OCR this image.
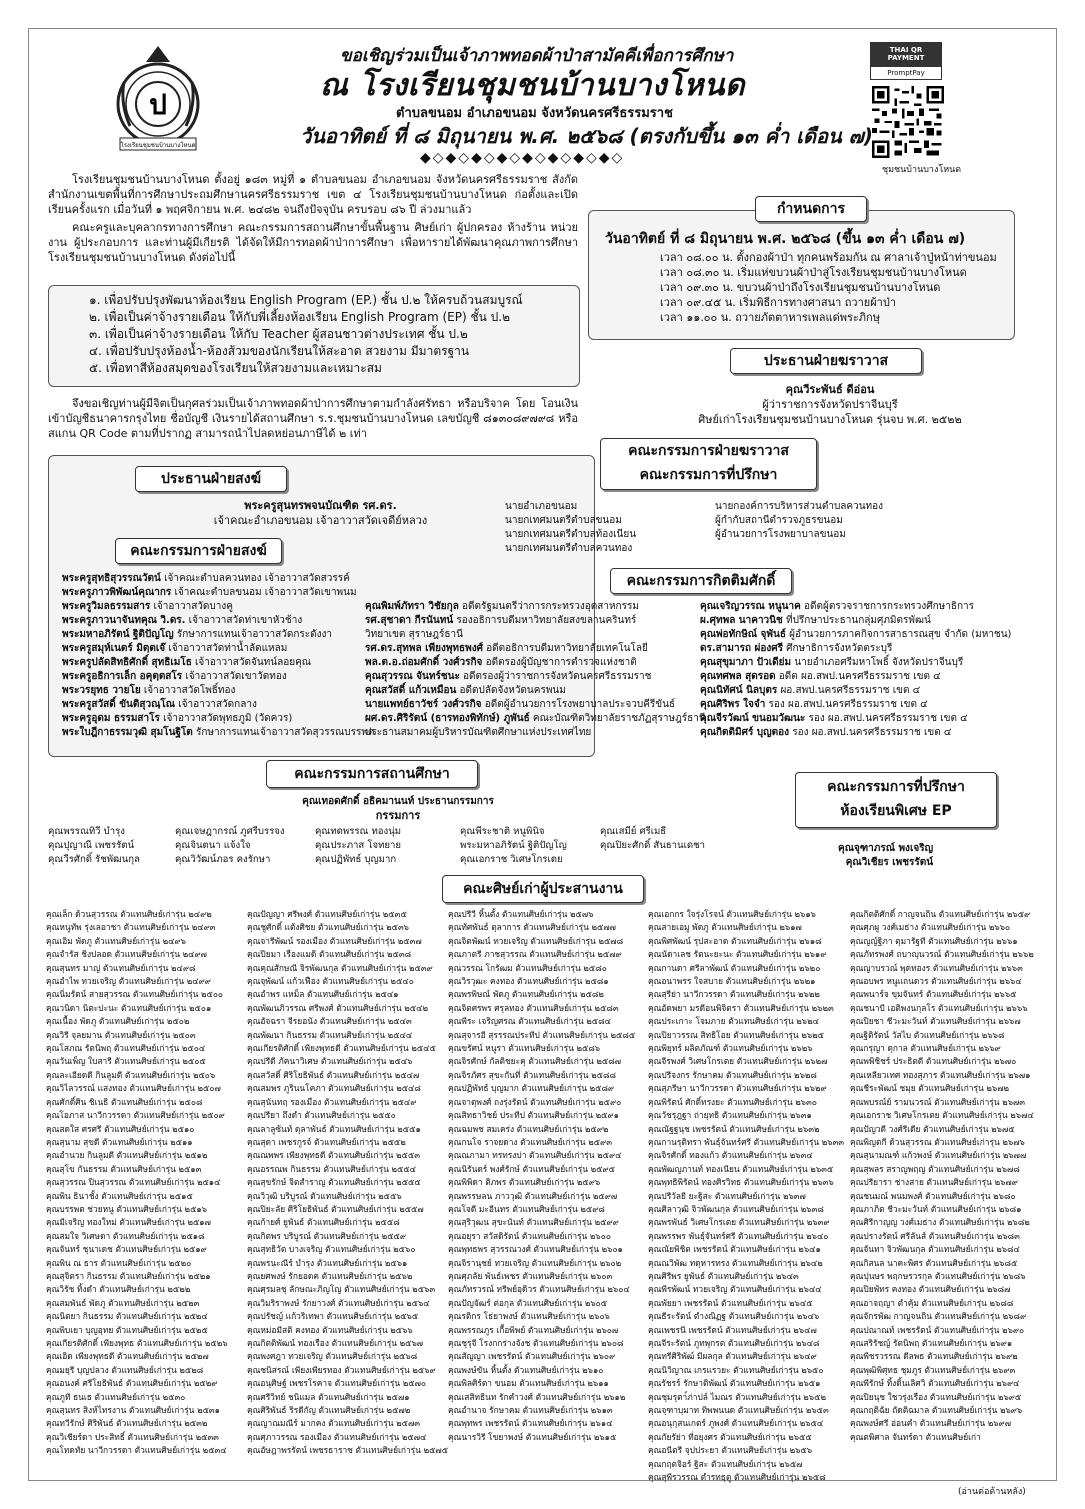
ป
โรงเรียนชุมชนบ้านบางโหนด
THAI QR PAYMENT
PromptPay
ชุมชนบ้านบางโหนด
ขอเชิญร่วมเป็นเจ้าภาพทอดผ้าป่าสามัคคีเพื่อการศึกษา
ณ โรงเรียนชุมชนบ้านบางโหนด
ตำบลขนอม อำเภอขนอม จังหวัดนครศรีธรรมราช
วันอาทิตย์ ที่ ๘ มิถุนายน พ.ศ. ๒๕๖๘ (ตรงกับขึ้น ๑๓ ค่ำ เดือน ๗)
◆◇◆◇◆◇◆◇◆◇◆◇◆◇◆◇
โรงเรียนชุมชนบ้านบางโหนด ตั้งอยู่ ๑๘๓ หมู่ที่ ๑ ตำบลขนอม อำเภอขนอม จังหวัดนครศรีธรรมราช สังกัดสำนักงานเขตพื้นที่การศึกษาประถมศึกษานครศรีธรรมราช เขต ๔ โรงเรียนชุมชนบ้านบางโหนด ก่อตั้งและเปิดเรียนครั้งแรก เมื่อวันที่ ๑ พฤศจิกายน พ.ศ. ๒๔๘๒ จนถึงปัจจุบัน ครบรอบ ๘๖ ปี ล่วงมาแล้ว
คณะครูและบุคลากรทางการศึกษา คณะกรรมการสถานศึกษาขั้นพื้นฐาน ศิษย์เก่า ผู้ปกครอง ห้างร้าน หน่วยงาน ผู้ประกอบการ และท่านผู้มีเกียรติ ได้จัดให้มีการทอดผ้าป่าการศึกษา เพื่อหารายได้พัฒนาคุณภาพการศึกษาโรงเรียนชุมชนบ้านบางโหนด ดังต่อไปนี้
๑. เพื่อปรับปรุงพัฒนาห้องเรียน English Program (EP.) ชั้น ป.๒ ให้ครบถ้วนสมบูรณ์
๒. เพื่อเป็นค่าจ้างรายเดือน ให้กับพี่เลี้ยงห้องเรียน English Program (EP) ชั้น ป.๒
๓. เพื่อเป็นค่าจ้างรายเดือน ให้กับ Teacher ผู้สอนชาวต่างประเทศ ชั้น ป.๒
๔. เพื่อปรับปรุงห้องน้ำ-ห้องส้วมของนักเรียนให้สะอาด สวยงาม มีมาตรฐาน
๕. เพื่อทาสีห้องสมุดของโรงเรียนให้สวยงามและเหมาะสม
จึงขอเชิญท่านผู้มีจิตเป็นกุศลร่วมเป็นเจ้าภาพทอดผ้าป่าการศึกษาตามกำลังศรัทธา หรือบริจาค โดย โอนเงินเข้าบัญชีธนาคารกรุงไทย ชื่อบัญชี เงินรายได้สถานศึกษา ร.ร.ชุมชนบ้านบางโหนด เลขบัญชี ๘๑๓๐๘๙๗๙๘ หรือสแกน QR Code ตามที่ปรากฏ สามารถนำไปลดหย่อนภาษีได้ ๒ เท่า
กำหนดการ
วันอาทิตย์ ที่ ๘ มิถุนายน พ.ศ. ๒๕๖๘ (ขึ้น ๑๓ ค่ำ เดือน ๗)
เวลา ๐๘.๐๐ น. ตั้งกองผ้าป่า ทุกคนพร้อมกัน ณ ศาลาเจ้าปู่หน้าท่าขนอม
เวลา ๐๘.๓๐ น. เริ่มแห่ขบวนผ้าป่าสู่โรงเรียนชุมชนบ้านบางโหนด
เวลา ๐๙.๓๐ น. ขบวนผ้าป่าถึงโรงเรียนชุมชนบ้านบางโหนด
เวลา ๐๙.๔๕ น. เริ่มพิธีการทางศาสนา ถวายผ้าป่า
เวลา ๑๑.๐๐ น. ถวายภัตตาหารเพลแด่พระภิกษุ
ประธานฝ่ายฆราวาส
คุณวีระพันธ์ ดีอ่อน
ผู้ว่าราชการจังหวัดปราจีนบุรี
ศิษย์เก่าโรงเรียนชุมชนบ้านบางโหนด รุ่นจบ พ.ศ. ๒๕๒๒
ประธานฝ่ายสงฆ์
พระครูสุนทรพจนบัณฑิต รศ.ดร.
เจ้าคณะอำเภอขนอม เจ้าอาวาสวัดเจดีย์หลวง
คณะกรรมการฝ่ายสงฆ์
พระครูสุทธิสุวรรณวัตน์ เจ้าคณะตำบลควนทอง เจ้าอาวาสวัดสวรรค์
พระครูภาวพิพัฒน์คุณากร เจ้าคณะตำบลขนอม เจ้าอาวาสวัดเขาพนม
พระครูวิมลธรรมสาร เจ้าอาวาสวัดบางคู
พระครูภาวนาจันทคุณ วิ.ดร. เจ้าอาวาสวัดท่าเขาหัวช้าง
พระมหาอภิรัตน์ ฐิติปัญโญ รักษาการแทนเจ้าอาวาสวัดกระดังงา
พระครูสมุห์เนตร์ มิตฺตเจ๊ เจ้าอาวาสวัดท่าน้ำลัดแหลม
พระครูปลัดสิทธิศักดิ์ สุทธิเมโธ เจ้าอาวาสวัดจันทน์ลอยคุณ
พระครูอธิการเล็ก อคุตฺตสโร เจ้าอาวาสวัดเขาวัดทอง
พระวรยุทธ วายโย เจ้าอาวาสวัดโพธิ์ทอง
พระครูสวัสดิ์ ขันติสุวณฺโณ เจ้าอาวาสวัดกลาง
พระครูอุดม ธรรมสาโร เจ้าอาวาสวัดพุทธภูมิ (วัดควร)
พระใบฎีกาธรรมวุฒิ สุมโนฐิโต รักษาการแทนเจ้าอาวาสวัดสุวรรณบรรพต
คณะกรรมการฝ่ายฆราวาส
คณะกรรมการที่ปรึกษา
นายอำเภอขนอม
นายกเทศมนตรีตำบลขนอม
นายกเทศมนตรีตำบลท้องเนียน
นายกเทศมนตรีตำบลควนทอง
นายกองค์การบริหารส่วนตำบลควนทอง
ผู้กำกับสถานีตำรวจภูธรขนอม
ผู้อำนวยการโรงพยาบาลขนอม
คณะกรรมการกิตติมศักดิ์
คุณพิมพ์ภัทรา วิชัยกุล อดีตรัฐมนตรีว่าการกระทรวงอุตสาหกรรม
รศ.สุชาดา กีรนันทน์ รองอธิการบดีมหาวิทยาลัยสงขลานครินทร์
วิทยาเขต สุราษฎร์ธานี
รศ.ดร.สุทพล เพียงพุทธพงศ์ อดีตอธิการบดีมหาวิทยาลัยเทคโนโลยี
พล.ต.อ.ถ่อมศักดิ์ วงศ์วรกิจ อดีตรองผู้บัญชาการตำรวจแห่งชาติ
คุณสุวรรณ จันทร์ชนะ อดีตรองผู้ว่าราชการจังหวัดนครศรีธรรมราช
คุณสวัสดิ์ แก้วเหมือน อดีตปลัดจังหวัดนครพนม
นายแพทย์ธาวัชร์ วงศ์วรกิจ อดีตผู้อำนวยการโรงพยาบาลประจวบคีรีขันธ์
ผศ.ดร.ศิริรัตน์ (ธารทองพิทักษ์) ภูพันธ์ คณะบัณฑิตวิทยาลัยราชภัฏสุราษฎร์ธานี
ประธานสมาคมผู้บริหารบัณฑิตศึกษาแห่งประเทศไทย
คุณเจริญวรรณ หนูนาค อดีตผู้ตรวจราชการกระทรวงศึกษาธิการ
ผ.ศุทพล นาคาวนิช ที่ปรึกษาประธานกลุ่มศุภมิตรพัฒน์
คุณพ่อทักษิณ์ จุพันธ์ ผู้อำนวยการภาคกิจการสาธารณสุข จำกัด (มหาชน)
ดร.สามารถ ผ่องศรี ศึกษาธิการจังหวัดตระบุรี
คุณสุขุมาภา ปัวเดีย่ม นายอำเภอศรีมหาโพธิ์ จังหวัดปราจีนบุรี
คุณทศพล สุดรอด อดีต ผอ.สพป.นครศรีธรรมราช เขต ๔
คุณนิทัศน์ นิลบุตร ผอ.สพป.นครศรีธรรมราช เขต ๔
คุณศิริพร ใจจำ รอง ผอ.สพป.นครศรีธรรมราช เขต ๔
คุณจีรวัฒน์ ขนอมวัฒนะ รอง ผอ.สพป.นครศรีธรรมราช เขต ๔
คุณกิตติมิศร์ บุญตอง รอง ผอ.สพป.นครศรีธรรมราช เขต ๔
คณะกรรมการสถานศึกษา
คุณเทอดศักดิ์ อธิคมานนท์ ประธานกรรมการ
กรรมการ
คุณพรรณทิวี บำรุง
คุณปุญาณี เพชรรัตน์
คุณวีรศักดิ์ รัชพัฒนกุล
คุณเจษฎากรณ์ ภูศรีบรรจง
คุณจินตนา แจ้งใจ
คุณวิวัฒน์ภอร คงรักษา
คุณทดพรรณ ทองนุ่ม
คุณประภาส โจทยาย
คุณปฏิพัทธ์ บุญมาก
คุณพีระชาติ หนูพินิจ
พระมหาอภิรัตน์ ฐิติปัญโญ
คุณเอกราช วิเศษโกรเตย
คุณเสมีย์ ศรีเมธี
คุณปิยะศักดิ์ สันธานเดชา
คณะกรรมการที่ปรึกษา
ห้องเรียนพิเศษ EP
คุณจุฑาภรณ์ พงเจริญ
คุณวิเชียร เพชรรัตน์
คณะศิษย์เก่าผู้ประสานงาน
คุณเล็ก ด้วนสุวรรณ ตัวแทนศิษย์เก่ารุ่น ๒๔๙๒
คุณหนูทัพ รุ่งเลอาชา ตัวแทนศิษย์เก่ารุ่น ๒๔๙๓
คุณเอิม พัดภู ตัวแทนศิษย์เก่ารุ่น ๒๔๙๖
คุณจำรัส ชิงปลอด ตัวแทนศิษย์เก่ารุ่น ๒๔๙๗
คุณสุนทร มาญ่ ตัวแทนศิษย์เก่ารุ่น ๒๔๙๘
คุณอำไพ ทวยเจริญ ตัวแทนศิษย์เก่ารุ่น ๒๔๙๙
คุณนิ่มรัตน์ สายสุวรรณ ตัวแทนศิษย์เก่ารุ่น ๒๕๐๐
คุณวนิดา นิตะปะนะ ตัวแทนศิษย์เก่ารุ่น ๒๕๐๑
คุณเนื้อง พัดภู ตัวแทนศิษย์เก่ารุ่น ๒๕๐๒
คุณวิรี จุลยมาน ตัวแทนศิษย์เก่ารุ่น ๒๕๐๓
คุณโสภณ รัตนิพฤ ตัวแทนศิษย์เก่ารุ่น ๒๕๐๔
คุณวันเพ็ญ ใบสารี ตัวแทนศิษย์เก่ารุ่น ๒๕๐๕
คุณละเอียดดี กินลูมดี ตัวแทนศิษย์เก่ารุ่น ๒๕๐๖
คุณวิไลวรรณ์ แสงทอง ตัวแทนศิษย์เก่ารุ่น ๒๕๐๗
คุณศักดิ์ศิน ชิเนธิ ตัวแทนศิษย์เก่ารุ่น ๒๕๐๘
คุณโอภาส นาวีกวรรดา ตัวแทนศิษย์เก่ารุ่น ๒๕๐๙
คุณสดใส ศรศรี ตัวแทนศิษย์เก่ารุ่น ๒๕๑๐
คุณสุนาม สุขดี ตัวแทนศิษย์เก่ารุ่น ๒๕๑๑
คุณอำนวย กินลูมดี ตัวแทนศิษย์เก่ารุ่น ๒๕๑๒
คุณสุโข กันธรรม ตัวแทนศิษย์เก่ารุ่น ๒๕๑๓
คุณสุวรรณ ปินสุวรรณ ตัวแทนศิษย์เก่ารุ่น ๒๕๑๔
คุณพิน ธินาชั้ง ตัวแทนศิษย์เก่ารุ่น ๒๕๑๕
คุณบรรพต ช่วยหนู ตัวแทนศิษย์เก่ารุ่น ๒๕๑๖
คุณมีเจริญ ทองใหม่ ตัวแทนศิษย์เก่ารุ่น ๒๕๑๗
คุณสมใจ วิเศษดา ตัวแทนศิษย์เก่ารุ่น ๒๕๑๘
คุณจันทร์ ชุนาเดช ตัวแทนศิษย์เก่ารุ่น ๒๕๑๙
คุณพิน ณ ธาร ตัวแทนศิษย์เก่ารุ่น ๒๕๒๐
คุณสุจิตรา กินธรรม ตัวแทนศิษย์เก่ารุ่น ๒๕๒๑
คุณวิรัช ทิ้งดำ ตัวแทนศิษย์เก่ารุ่น ๒๕๒๒
คุณสมพันธ์ พัดภู ตัวแทนศิษย์เก่ารุ่น ๒๕๒๓
คุณนิตยา กินธรรม ตัวแทนศิษย์เก่ารุ่น ๒๕๒๔
คุณพิบเยา บุญอุทย ตัวแทนศิษย์เก่ารุ่น ๒๕๒๕
คุณเกียรติศักดิ์ เพียงพุทธ ตัวแทนศิษย์เก่ารุ่น ๒๕๒๖
คุณเอิด เพียงพุทธดี ตัวแทนศิษย์เก่ารุ่น ๒๕๒๗
คุณมยุรี บุญปลวง ตัวแทนศิษย์เก่ารุ่น ๒๕๒๘
คุณอนงค์ ศรีโยธิพันธ์ ตัวแทนศิษย์เก่ารุ่น ๒๕๒๙
คุณภูที ธนเธ ตัวแทนศิษย์เก่ารุ่น ๒๕๓๐
คุณสุนทร สิงห์ไทรงาน ตัวแทนศิษย์เก่ารุ่น ๒๕๓๑
คุณทวีรักษ์ ศิริพันธ์ ตัวแทนศิษย์เก่ารุ่น ๒๕๓๒
คุณวิเชียร์ดา ประสิทธิ์ ตัวแทนศิษย์เก่ารุ่น ๒๕๓๓
คุณโทดทัย นาวีกวรรดา ตัวแทนศิษย์เก่ารุ่น ๒๕๓๔
คุณปัญญา ศรีพงศ์ ตัวแทนศิษย์เก่ารุ่น ๒๕๓๕
คุณชูศักดิ์ แต้งศิชย ตัวแทนศิษย์เก่ารุ่น ๒๕๓๖
คุณจารีพัฒน์ รองเมือง ตัวแทนศิษย์เก่ารุ่น ๒๕๓๗
คุณปิยมา เรืองแมดิ ตัวแทนศิษย์เก่ารุ่น ๒๕๓๘
คุณคุณสักษณี จิรพัฒนกุล ตัวแทนศิษย์เก่ารุ่น ๒๕๓๙
คุณจุพัฒน์ แก้วเฟือง ตัวแทนศิษย์เก่ารุ่น ๒๕๔๐
คุณอำพร แหม็ล ตัวแทนศิษย์เก่ารุ่น ๒๕๔๑
คุณพัฒนภิวรรณ ศรีพงศ์ ตัวแทนศิษย์เก่ารุ่น ๒๕๔๒
คุณอัจฉรา จีรยอนัง ตัวแทนศิษย์เก่ารุ่น ๒๕๔๓
คุณพัฒนา กินธรรม ตัวแทนศิษย์เก่ารุ่น ๒๕๔๔
คุณเกียรติศักดิ์ เพียงพุทธดี ตัวแทนศิษย์เก่ารุ่น ๒๕๔๕
คุณปรีดี ภัคนาวิเศษ ตัวแทนศิษย์เก่ารุ่น ๒๕๔๖
คุณสวัสดิ์ ศิริโยธิพันธ์ ตัวแทนศิษย์เก่ารุ่น ๒๕๔๗
คุณสมพร ภูรินนโคภา ตัวแทนศิษย์เก่ารุ่น ๒๕๔๘
คุณสุนันทฤ รองเมือง ตัวแทนศิษย์เก่ารุ่น ๒๕๔๙
คุณปรียา ถึงดำ ตัวแทนศิษย์เก่ารุ่น ๒๕๕๐
คุณลาลูซ้นท์ ดุลาพันธ์ ตัวแทนศิษย์เก่ารุ่น ๒๕๕๑
คุณสุดา เพชรกูรจ์ ตัวแทนศิษย์เก่ารุ่น ๒๕๕๒
คุณณพพร เพียงพุทธดี ตัวแทนศิษย์เก่ารุ่น ๒๕๕๓
คุณอรรณพ กินธรรม ตัวแทนศิษย์เก่ารุ่น ๒๕๕๔
คุณสุขรักษ์ จิตสำราญ ตัวแทนศิษย์เก่ารุ่น ๒๕๕๕
คุณวิวุฒิ บริบูรณ์ ตัวแทนศิษย์เก่ารุ่น ๒๕๕๖
คุณปิยะลัย ศิริโยธิพันธ์ ตัวแทนศิษย์เก่ารุ่น ๒๕๕๗
คุณก้ายศ์ ยูพันธ์ ตัวแทนศิษย์เก่ารุ่น ๒๕๕๘
คุณกิตพร บริบูรณ์ ตัวแทนศิษย์เก่ารุ่น ๒๕๕๙
คุณสุทธิวัต บางเจริญ ตัวแทนศิษย์เก่ารุ่น ๒๕๖๐
คุณพรนะณีร์ บำรุง ตัวแทนศิษย์เก่ารุ่น ๒๕๖๑
คุณยศพงษ์ รักยอดค ตัวแทนศิษย์เก่ารุ่น ๒๕๖๒
คุณศุรมลชุ ลักษณะภิญโญ ตัวแทนศิษย์เก่ารุ่น ๒๕๖๓
คุณวิมริราพงษ์ รักยาวงศ์ ตัวแทนศิษย์เก่ารุ่น ๒๕๖๔
คุณปรัชญ์ แก้วริเทพา ตัวแทนศิษย์เก่ารุ่น ๒๕๖๕
คุณหม่อมีสติ คงทอง ตัวแทนศิษย์เก่ารุ่น ๒๕๖๖
คุณกิตติพัฒน์ ทองเรือง ตัวแทนศิษย์เก่ารุ่น ๒๕๖๗
คุณพงศฎา ทวยเจริญ ตัวแทนศิษย์เก่ารุ่น ๒๕๖๘
คุณชนิสรณ์ เพียงเพียรทอง ตัวแทนศิษย์เก่ารุ่น ๒๕๖๙
คุณอนุศิษฐ์ เพชรโรคาจ ตัวแทนศิษย์เก่ารุ่น ๒๕๗๐
คุณศรีวิทย์ ชนิแมล ตัวแทนศิษย์เก่ารุ่น ๒๕๗๑
คุณศิริพันธ์ ริรดีกัญ ตัวแทนศิษย์เก่ารุ่น ๒๕๗๒
คุณญาณมณีร์ มากคง ตัวแทนศิษย์เก่ารุ่น ๒๕๗๓
คุณศุภาวรรณ รองเมือง ตัวแทนศิษย์เก่ารุ่น ๒๕๗๔
คุณอัษฎาพรรัตน์ เพชรธาราช ตัวแทนศิษย์เก่ารุ่น ๒๕๗๕
คุณปรีวี หิ้นตั้ง ตัวแทนศิษย์เก่ารุ่น ๒๕๗๖
คุณทัศพันธ์ ตุลาการ ตัวแทนศิษย์เก่ารุ่น ๒๕๗๗
คุณจิตพัฒน์ ทวยเจริญ ตัวแทนศิษย์เก่ารุ่น ๒๕๗๘
คุณภาตรี ภาชสุวรรณ ตัวแทนศิษย์เก่ารุ่น ๒๕๗๙
คุณวรรณ โกรัฒม ตัวแทนศิษย์เก่ารุ่น ๒๕๘๐
คุณวิรวุฒะ คงทอง ตัวแทนศิษย์เก่ารุ่น ๒๕๘๑
คุณพรพิษณ์ พัดภู ตัวแทนศิษย์เก่ารุ่น ๒๕๘๒
คุณจิตศรพร ศรุลทอง ตัวแทนศิษย์เก่ารุ่น ๒๕๘๓
คุณพีระ เจริญศรณ ตัวแทนศิษย์เก่ารุ่น ๒๕๘๔
คุณสุจารอี สุรรรณประทีป ตัวแทนศิษย์เก่ารุ่น ๒๕๘๕
คุณขรัศน์ หนูรา ตัวแทนศิษย์เก่ารุ่น ๒๕๘๖
คุณจิรศักษ์ กัลติชยะคุ ตัวแทนศิษย์เก่ารุ่น ๒๕๘๗
คุณจิรภัศร สุขะกันที่ ตัวแทนศิษย์เก่ารุ่น ๒๕๘๘
คุณปฏิพัทธ์ บุญมาก ตัวแทนศิษย์เก่ารุ่น ๒๕๘๙
คุณจาตุพงศ์ ถงรุ่งรัตน์ ตัวแทนศิษย์เก่ารุ่น ๒๕๙๐
คุณสิทธาวิชย์ ประทีป ตัวแทนศิษย์เก่ารุ่น ๒๕๙๑
คุณฉมพช สมเคร่ง ตัวแทนศิษย์เก่ารุ่น ๒๕๙๒
คุณกนโจ ราจยดาง ตัวแทนศิษย์เก่ารุ่น ๒๕๙๓
คุณณภามา ทรทรงบ่า ตัวแทนศิษย์เก่ารุ่น ๒๕๙๔
คุณนิรันดร์ พงศ์รักษ์ ตัวแทนศิษย์เก่ารุ่น ๒๕๙๕
คุณพิพิดา ติภพร ตัวแทนศิษย์เก่ารุ่น ๒๕๙๖
คุณพรรษลน ภาววุฒิ ตัวแทนศิษย์เก่ารุ่น ๒๕๙๗
คุณโจดี มะอีนทร ตัวแทนศิษย์เก่ารุ่น ๒๕๙๘
คุณสุริวุฒน สุขะนันท์ ตัวแทนศิษย์เก่ารุ่น ๒๕๙๙
คุณอยุรา สวัสดิรัตน์ ตัวแทนศิษย์เก่ารุ่น ๒๖๐๐
คุณพุทธพร สุวรรณวงศ์ ตัวแทนศิษย์เก่ารุ่น ๒๖๐๑
คุณจิรานุชย์ ทวยเจริญ ตัวแทนศิษย์เก่ารุ่น ๒๖๐๒
คุณศุภลัย พันธ์เพชร ตัวแทนศิษย์เก่ารุ่น ๒๖๐๓
คุณภัทรวรณ์ ทรีพย์อุดิวร ตัวแทนศิษย์เก่ารุ่น ๒๖๐๔
คุณปัญจัฒร์ ต่อกุล ตัวแทนศิษย์เก่ารุ่น ๒๖๐๕
คุณรติกร โธ่ยาพงษ์ ตัวแทนศิษย์เก่ารุ่น ๒๖๐๖
คุณพรรณภูร เกื้อพิพย์ ตัวแทนศิษย์เก่ารุ่น ๒๖๐๗
คุณชุรุจี โรงกกร่างจังช ตัวแทนศิษย์เก่ารุ่น ๒๖๐๘
คุณสัญญา เพชรรัตน์ ตัวแทนศิษย์เก่ารุ่น ๒๖๐๙
คุณพงษ์ขัน หิ้นตั้ง ตัวแทนศิษย์เก่ารุ่น ๒๖๑๐
คุณพิลศิร์ตา ขนอม ตัวแทนศิษย์เก่ารุ่น ๒๖๑๑
คุณเสสิทธินท รักคำวงศ์ ตัวแทนศิษย์เก่ารุ่น ๒๖๑๒
คุณอำนาจ รักษาคม ตัวแทนศิษย์เก่ารุ่น ๒๖๑๓
คุณพุทพร เพชรรัตน์ ตัวแทนศิษย์เก่ารุ่น ๒๖๑๔
คุณนารวิรี โขยาพงษ์ ตัวแทนศิษย์เก่ารุ่น ๒๖๑๕
คุณเอกกร ใจรุ่งโรจน์ ตัวแทนศิษย์เก่ารุ่น ๒๖๑๖
คุณสายเอมู พัดภู ตัวแทนศิษย์เก่ารุ่น ๒๖๑๗
คุณพิศพัฒน์ รุปสะอาด ตัวแทนศิษย์เก่ารุ่น ๒๖๑๘
คุณนัดาเลช รัตนะยะนะ ตัวแทนศิษย์เก่ารุ่น ๒๖๑๙
คุณกานดา ศรีลาพัฒน์ ตัวแทนศิษย์เก่ารุ่น ๒๖๒๐
คุณอนาพรร ใจสบาย ตัวแทนศิษย์เก่ารุ่น ๒๖๒๑
คุณสุรีย่า นาวีกวรรดา ตัวแทนศิษย์เก่ารุ่น ๒๖๒๒
คุณอัดพยา มรดีอนพิจิตรา ตัวแทนศิษย์เก่ารุ่น ๒๖๒๓
คุณประเกาะ โจมภาย ตัวแทนศิษย์เก่ารุ่น ๒๖๒๔
คุณปิยาวรรณ สิทธิโอย ตัวแทนศิษย์เก่ารุ่น ๒๖๒๕
คุณพิยุทร์ ผลิตภัณฑ์ ตัวแทนศิษย์เก่ารุ่น ๒๖๒๖
คุณจีรพงศ์ วิเศษโกรเตย ตัวแทนศิษย์เก่ารุ่น ๒๖๒๗
คุณปรีจงกร รักษาคม ตัวแทนศิษย์เก่ารุ่น ๒๖๒๘
คุณสุภรีษา นาวีกวรรดา ตัวแทนศิษย์เก่ารุ่น ๒๖๒๙
คุณพิรัตน์ ศักดิ์ทรงยะ ตัวแทนศิษย์เก่ารุ่น ๒๖๓๐
คุณวัชรุฎฐา ถ่ายุทธิ ตัวแทนศิษย์เก่ารุ่น ๒๖๓๑
คุณณัฐฐนุช เพชรรัตน์ ตัวแทนศิษย์เก่ารุ่น ๒๖๓๒
คุณกานรุติทรา พันธุ์จันทร์ศรี ตัวแทนศิษย์เก่ารุ่น ๒๖๓๓
คุณจิรศักดิ์ ทองแก้ว ตัวแทนศิษย์เก่ารุ่น ๒๖๓๔
คุณพัฒญภานท์ ทองเนียน ตัวแทนศิษย์เก่ารุ่น ๒๖๓๕
คุณพุทธิพิรัตน์ ทองศิรวิทธ ตัวแทนศิษย์เก่ารุ่น ๒๖๓๖
คุณปรีวัลยี ยะฐิสะ ตัวแทนศิษย์เก่ารุ่น ๒๖๓๗
คุณศิลาวุฒิ จิวพัฒนกุล ตัวแทนศิษย์เก่ารุ่น ๒๖๓๘
คุณพรพันธ์ วิเศษโกรเตย ตัวแทนศิษย์เก่ารุ่น ๒๖๓๙
คุณพรรพร พันธุ์จันทร์ศรี ตัวแทนศิษย์เก่ารุ่น ๒๖๔๐
คุณณัยพิชิต เพชรรัตน์ ตัวแทนศิษย์เก่ารุ่น ๒๖๔๑
คุณณวิพัฒ ทดุหารทรง ตัวแทนศิษย์เก่ารุ่น ๒๖๔๒
คุณศิรีพร ยูพันธ์ ตัวแทนศิษย์เก่ารุ่น ๒๖๔๓
คุณพีรพัฒน์ ทวยเจริญ ตัวแทนศิษย์เก่ารุ่น ๒๖๔๔
คุณพัยยา เพชรรัตน์ ตัวแทนศิษย์เก่ารุ่น ๒๖๔๕
คุณธีระรัตน์ ตำงณิฏฐ ตัวแทนศิษย์เก่ารุ่น ๒๖๔๖
คุณเพชรนี เพชรรัตน์ ตัวแทนศิษย์เก่ารุ่น ๒๖๔๗
คุณจีระรัตน์ ภูทพุกรต ตัวแทนศิษย์เก่ารุ่น ๒๖๔๘
คุณทรีศิริพัฒ์ มีผลกุล ตัวแทนศิษย์เก่ารุ่น ๒๖๔๙
คุณนิวิญาณ เกรแรวยะ ตัวแทนศิษย์เก่ารุ่น ๒๖๕๐
คุณรัชรร์ รักษาติพัฒน์ ตัวแทนศิษย์เก่ารุ่น ๒๖๕๑
คุณชุมรุตา์ภ่าปล์ ไมณร ตัวแทนศิษย์เก่ารุ่น ๒๖๕๒
คุณจุฑาบุมาท ทิพพนนด ตัวแทนศิษย์เก่ารุ่น ๒๖๕๓
คุณอนุกุสนเกตร์ ภูพงศ์ ตัวแทนศิษย์เก่ารุ่น ๒๖๕๔
คุณกัยรัย่า ที่อยุงศร ตัวแทนศิษย์เก่ารุ่น ๒๖๕๕
คุณอนีตรี จุปประยา ตัวแทนศิษย์เก่ารุ่น ๒๖๕๖
คุณกฤตจิอร์ ฐิสะ ตัวแทนศิษย์เก่ารุ่น ๒๖๕๗
คุณสุพีรวรรณ ตำรทธุตู ตัวแทนศิษย์เก่ารุ่น ๒๖๕๘
คุณกิตติศักดิ์ กาญจนถิน ตัวแทนศิษย์เก่ารุ่น ๒๖๕๙
คุณศุภผู วงศ์เมธ่าง ตัวแทนศิษย์เก่ารุ่น ๒๖๖๐
คุณญญ์ฐิภา ตุมารัฐที ตัวแทนศิษย์เก่ารุ่น ๒๖๖๑
คุณภัทรพงศ์ ถบาญุนวรณ์ ตัวแทนศิษย์เก่ารุ่น ๒๖๖๒
คุณญาบรวณ์ พุดทองร ตัวแทนศิษย์เก่ารุ่น ๒๖๖๓
คุณอบพร หนูแถนดวร ตัวแทนศิษย์เก่ารุ่น ๒๖๖๔
คุณพนาร์จ ขุมจันทร์ ตัวแทนศิษย์เก่ารุ่น ๒๖๖๕
คุณชนาบี เอติพงนกุลโร ตัวแทนศิษย์เก่ารุ่น ๒๖๖๖
คุณปิยชา ชีวะมะวันท์ ตัวแทนศิษย์เก่ารุ่น ๒๖๖๗
คุณฐิติรัตน์ วัสไบ ตัวแทนศิษย์เก่ารุ่น ๒๖๖๘
คุณกรุญา ดุกาล ตัวแทนศิษย์เก่ารุ่น ๒๖๖๙
คุณพพิชิชร์ ประธิตดี ตัวแทนศิษย์เก่ารุ่น ๒๖๗๐
คุณเหลียวเทศ ทองสุภาร ตัวแทนศิษย์เก่ารุ่น ๒๖๗๑
คุณชีระพัฒน์ ชมุย ตัวแทนศิษย์เก่ารุ่น ๒๖๗๒
คุณพบรณ์ย์ รามนวรณ์ ตัวแทนศิษย์เก่ารุ่น ๒๖๗๓
คุณเอกราช วิเศษโกรเตย ตัวแทนศิษย์เก่ารุ่น ๒๖๗๔
คุณปัญวดี วงศ์รีเดีย ตัวแทนศิษย์เก่ารุ่น ๒๖๗๕
คุณพิญตกี ด้วนสุวรรณ ตัวแทนศิษย์เก่ารุ่น ๒๖๗๖
คุณสุนามณฑ์ แก้วพงษ์ ตัวแทนศิษย์เก่ารุ่น ๒๖๗๗
คุณสุพลร สราญพฤญ ตัวแทนศิษย์เก่ารุ่น ๒๖๗๘
คุณปรียารา ช่างสาย ตัวแทนศิษย์เก่ารุ่น ๒๖๗๙
คุณชนมณ์ พนมพงศ์ ตัวแทนศิษย์เก่ารุ่น ๒๖๘๐
คุณภาภิต ชีวะมะวันท์ ตัวแทนศิษย์เก่ารุ่น ๒๖๘๑
คุณศิรีกาญญ วงศ์เมธ่าง ตัวแทนศิษย์เก่ารุ่น ๒๖๘๒
คุณปรางรัตน์ ศรีลันส์ ตัวแทนศิษย์เก่ารุ่น ๒๖๘๓
คุณจันทา จิวพัฒนกุล ตัวแทนศิษย์เก่ารุ่น ๒๖๘๔
คุณกิสนล นาคะพิศร ตัวแทนศิษย์เก่ารุ่น ๒๖๘๕
คุณปุนษร พฤกษรวรกุล ตัวแทนศิษย์เก่ารุ่น ๒๖๘๖
คุณปิยพัทร คงทอง ตัวแทนศิษย์เก่ารุ่น ๒๖๘๗
คุณอาจฤญา ตำคุ้ม ตัวแทนศิษย์เก่ารุ่น ๒๖๘๘
คุณจักรพัฒ กาญจนถิน ตัวแทนศิษย์เก่ารุ่น ๒๖๘๙
คุณปณาณท์ เพชรรัตน์ ตัวแทนศิษย์เก่ารุ่น ๒๖๙๐
คุณสริรัชญ์ รัตนิพฤ ตัวแทนศิษย์เก่ารุ่น ๒๖๙๑
คุณพีชรวรรณ ดีลพธ ตัวแทนศิษย์เก่ารุ่น ๒๖๙๒
คุณพุฒิพิศุทธ ชุมภูร ตัวแทนศิษย์เก่ารุ่น ๒๖๙๓
คุณพีรักษ์ ทิ้งดิ้นเลิศวิ ตัวแทนศิษย์เก่ารุ่น ๒๖๙๔
คุณปิยนุช ใชวรุ่งเรือง ตัวแทนศิษย์เก่ารุ่น ๒๖๙๕
คุณกฤติฉัย ถัดติฉมาล ตัวแทนศิษย์เก่ารุ่น ๒๖๙๖
คุณพงษ์ศรี อ่อนคำ ตัวแทนศิษย์เก่ารุ่น ๒๖๙๗
คุณตพิศาล จันทร์ดา ตัวแทนศิษย์เก่า
(อ่านต่อด้านหลัง)
